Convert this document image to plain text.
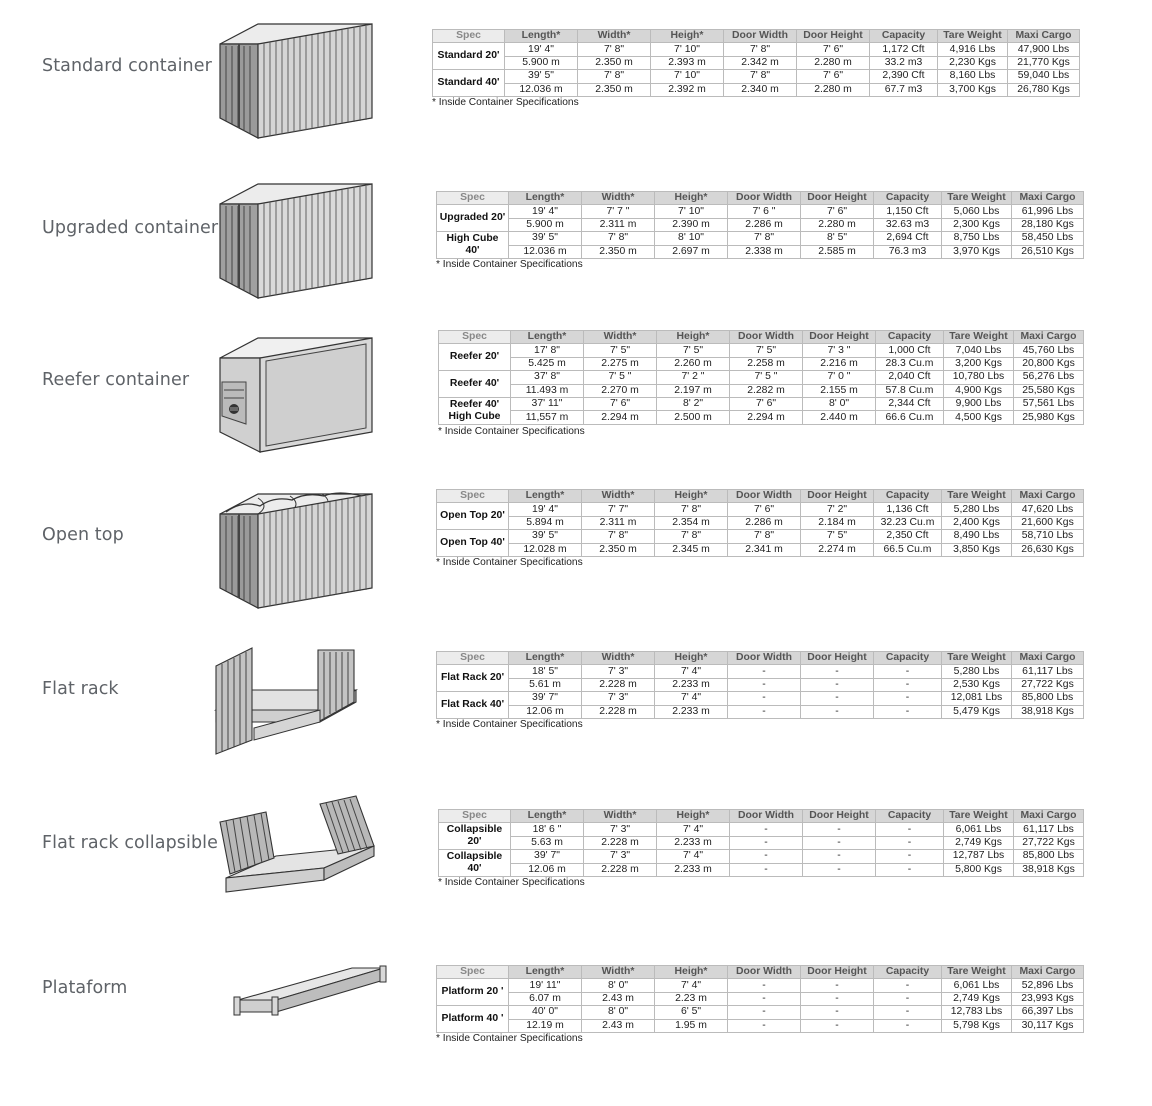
Standard container
Spec	Length*	Width*	Heigh*	Door Width	Door Height	Capacity	Tare Weight	Maxi Cargo
Standard 20'	19' 4"	7' 8"	7' 10"	7' 8"	7' 6"	1,172 Cft	4,916 Lbs	47,900 Lbs
	5.900 m	2.350 m	2.393 m	2.342 m	2.280 m	33.2 m3	2,230 Kgs	21,770 Kgs
Standard 40'	39' 5"	7' 8"	7' 10"	7' 8"	7' 6"	2,390 Cft	8,160 Lbs	59,040 Lbs
	12.036 m	2.350 m	2.392 m	2.340 m	2.280 m	67.7 m3	3,700 Kgs	26,780 Kgs
* Inside Container Specifications
Upgraded container
Spec	Length*	Width*	Heigh*	Door Width	Door Height	Capacity	Tare Weight	Maxi Cargo
Upgraded 20'	19' 4"	7' 7 "	7' 10"	7' 6 "	7' 6"	1,150 Cft	5,060 Lbs	61,996 Lbs
	5.900 m	2.311 m	2.390 m	2.286 m	2.280 m	32.63 m3	2,300 Kgs	28,180 Kgs
High Cube 40'	39' 5"	7' 8"	8' 10"	7' 8"	8' 5"	2,694 Cft	8,750 Lbs	58,450 Lbs
	12.036 m	2.350 m	2.697 m	2.338 m	2.585 m	76.3 m3	3,970 Kgs	26,510 Kgs
* Inside Container Specifications
Reefer container
Spec	Length*	Width*	Heigh*	Door Width	Door Height	Capacity	Tare Weight	Maxi Cargo
Reefer 20'	17' 8"	7' 5"	7' 5"	7' 5"	7' 3 "	1,000 Cft	7,040 Lbs	45,760 Lbs
	5.425 m	2.275 m	2.260 m	2.258 m	2.216 m	28.3 Cu.m	3,200 Kgs	20,800 Kgs
Reefer 40'	37' 8"	7' 5 "	7' 2 "	7' 5 "	7' 0 "	2,040 Cft	10,780 Lbs	56,276 Lbs
	11.493 m	2.270 m	2.197 m	2.282 m	2.155 m	57.8 Cu.m	4,900 Kgs	25,580 Kgs
Reefer 40' High Cube	37' 11"	7' 6"	8' 2"	7' 6"	8' 0"	2,344 Cft	9,900 Lbs	57,561 Lbs
	11,557 m	2.294 m	2.500 m	2.294 m	2.440 m	66.6 Cu.m	4,500 Kgs	25,980 Kgs
* Inside Container Specifications
Open top
Spec	Length*	Width*	Heigh*	Door Width	Door Height	Capacity	Tare Weight	Maxi Cargo
Open Top 20'	19' 4"	7' 7"	7' 8"	7' 6"	7' 2"	1,136 Cft	5,280 Lbs	47,620 Lbs
	5.894 m	2.311 m	2.354 m	2.286 m	2.184 m	32.23 Cu.m	2,400 Kgs	21,600 Kgs
Open Top 40'	39' 5"	7' 8"	7' 8"	7' 8"	7' 5"	2,350 Cft	8,490 Lbs	58,710 Lbs
	12.028 m	2.350 m	2.345 m	2.341 m	2.274 m	66.5 Cu.m	3,850 Kgs	26,630 Kgs
* Inside Container Specifications
Flat rack
Spec	Length*	Width*	Heigh*	Door Width	Door Height	Capacity	Tare Weight	Maxi Cargo
Flat Rack 20'	18' 5"	7' 3"	7' 4"	-	-	-	5,280 Lbs	61,117 Lbs
	5.61 m	2.228 m	2.233 m	-	-	-	2,530 Kgs	27,722 Kgs
Flat Rack 40'	39' 7"	7' 3"	7' 4"	-	-	-	12,081 Lbs	85,800 Lbs
	12.06 m	2.228 m	2.233 m	-	-	-	5,479 Kgs	38,918 Kgs
* Inside Container Specifications
Flat rack collapsible
Spec	Length*	Width*	Heigh*	Door Width	Door Height	Capacity	Tare Weight	Maxi Cargo
Collapsible 20'	18' 6 "	7' 3"	7' 4"	-	-	-	6,061 Lbs	61,117 Lbs
	5.63 m	2.228 m	2.233 m	-	-	-	2,749 Kgs	27,722 Kgs
Collapsible 40'	39' 7"	7' 3"	7' 4"	-	-	-	12,787 Lbs	85,800 Lbs
	12.06 m	2.228 m	2.233 m	-	-	-	5,800 Kgs	38,918 Kgs
* Inside Container Specifications
Plataform
Spec	Length*	Width*	Heigh*	Door Width	Door Height	Capacity	Tare Weight	Maxi Cargo
Platform 20 '	19' 11"	8' 0"	7' 4"	-	-	-	6,061 Lbs	52,896 Lbs
	6.07 m	2.43 m	2.23 m	-	-	-	2,749 Kgs	23,993 Kgs
Platform 40 '	40' 0"	8' 0"	6' 5"	-	-	-	12,783 Lbs	66,397 Lbs
	12.19 m	2.43 m	1.95 m	-	-	-	5,798 Kgs	30,117 Kgs
* Inside Container Specifications
